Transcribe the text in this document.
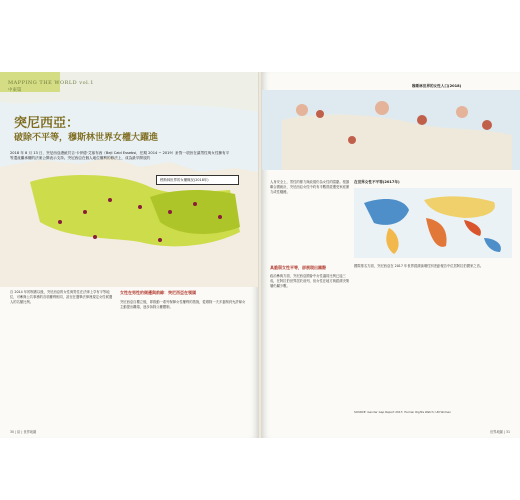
MAPPING THE WORLD vol.1
中東篇
突尼西亞：
破除不平等，穆斯林世界女權大躍進
2018 年 8 月 13 日，突尼西亞總統貝吉‧卡伊德‧艾塞布西（Beji Caid Essebsi，任期 2014 − 2019）針對一項旨在讓男性與女性擁有平等遺產繼承權的法案公開表示支持。突尼西亞在個人地位權利的修法上，成為最早開放的
穆斯林世界的女權概況(2018年)
女性在男性的側邊與前線：突尼西亞在領頭
自 2014 年的制憲以後，突尼西亞的女性與男性在法律上享有平等地位，可參與公共事務的各項權利相同，甚至在選舉法律裡規定女性候選人的名額比例。	突尼西亞自獨立後，即推動一系列保障女性權利的措施，從廢除一夫多妻制到允許婦女主動提出離婚，逐步拆除父權體制。
30 | 給 | 世界地圖
穆斯林世界的女性人口(2018)
人身安全上，男性的暴力與歧視仍為女性的隱憂。根據聯合國統計，突尼西亞女性中約有半數曾經遭受家庭暴力或性騷擾。
在世界女性不平等(2017年)
具脆弱女性平等，卻展現出國際
政治參與方面，突尼西亞國會中女性議員比例已逾三成，在阿拉伯世界居於前列，但女性在地方與經濟決策層仍屬少數。
國際排名方面，突尼西亞在 2017 年世界經濟論壇性別差距報告中位居阿拉伯國家之首。
SOURCE: Gender Gap Report 2017; Human Rights Watch; UN Women
世界地圖 | 31
